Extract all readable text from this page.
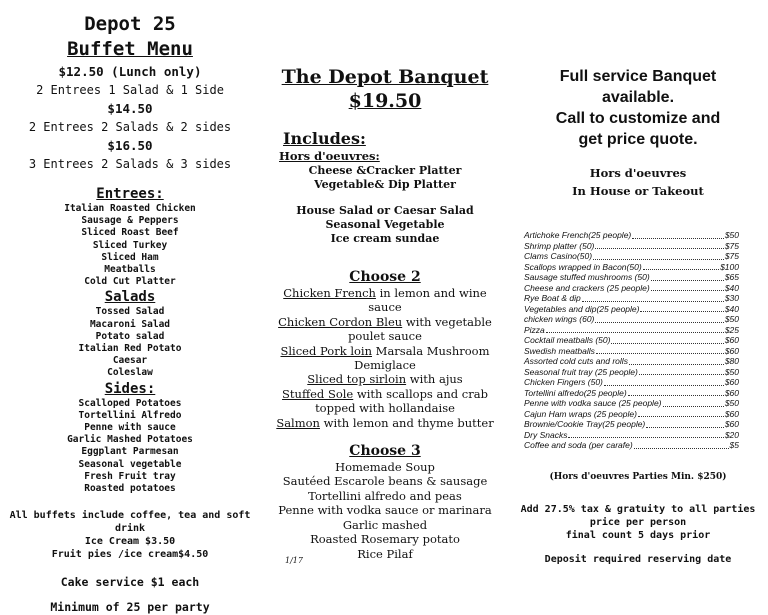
Depot 25
Buffet Menu
$12.50 (Lunch only)
2 Entrees 1 Salad & 1 Side
$14.50
2 Entrees 2 Salads & 2 sides
$16.50
3 Entrees 2 Salads & 3 sides
Entrees:
Italian Roasted Chicken
Sausage & Peppers
Sliced Roast Beef
Sliced Turkey
Sliced Ham
Meatballs
Cold Cut Platter
Salads
Tossed Salad
Macaroni Salad
Potato salad
Italian Red Potato
Caesar
Coleslaw
Sides:
Scalloped Potatoes
Tortellini Alfredo
Penne with sauce
Garlic Mashed Potatoes
Eggplant Parmesan
Seasonal vegetable
Fresh Fruit tray
Roasted potatoes
All buffets include coffee, tea and soft drink
Ice Cream $3.50
Fruit pies /ice cream$4.50
Cake service $1 each
Minimum of 25 per party
The Depot Banquet
$19.50
Includes:
Hors d'oeuvres:
Cheese &Cracker Platter
Vegetable& Dip Platter
House Salad or Caesar Salad
Seasonal Vegetable
Ice cream sundae
Choose 2
Chicken French in lemon and wine sauce
Chicken Cordon Bleu with vegetable poulet sauce
Sliced Pork loin Marsala Mushroom Demiglace
Sliced top sirloin with ajus
Stuffed Sole with scallops and crab topped with hollandaise
Salmon with lemon and thyme butter
Choose 3
Homemade Soup
Sautéed Escarole beans & sausage
Tortellini alfredo and peas
Penne with vodka sauce or marinara
Garlic mashed
Roasted Rosemary potato
Rice Pilaf
1/17
Full service Banquet
available.
Call to customize and
get price quote.
Hors d'oeuvres
In House or Takeout
Artichoke French(25 people)	$50
Shrimp platter (50)	$75
Clams Casino(50)	$75
Scallops wrapped in Bacon(50)	$100
Sausage stuffed mushrooms (50)	$65
Cheese and crackers (25 people)	$40
Rye Boat & dip	$30
Vegetables and dip(25 people)	$40
chicken wings (60)	$50
Pizza	$25
Cocktail meatballs (50)	$60
Swedish meatballs	$60
Assorted cold cuts and rolls	$80
Seasonal fruit tray (25 people)	$50
Chicken Fingers (50)	$60
Tortellini alfredo(25 people)	$60
Penne with vodka sauce (25 people)	$50
Cajun Ham wraps (25 people)	$60
Brownie/Cookie Tray(25 people)	$60
Dry Snacks	$20
Coffee and soda (per carafe)	$5
(Hors d'oeuvres Parties Min. $250)
Add 27.5% tax & gratuity to all parties
price per person
final count 5 days prior
Deposit required reserving date
